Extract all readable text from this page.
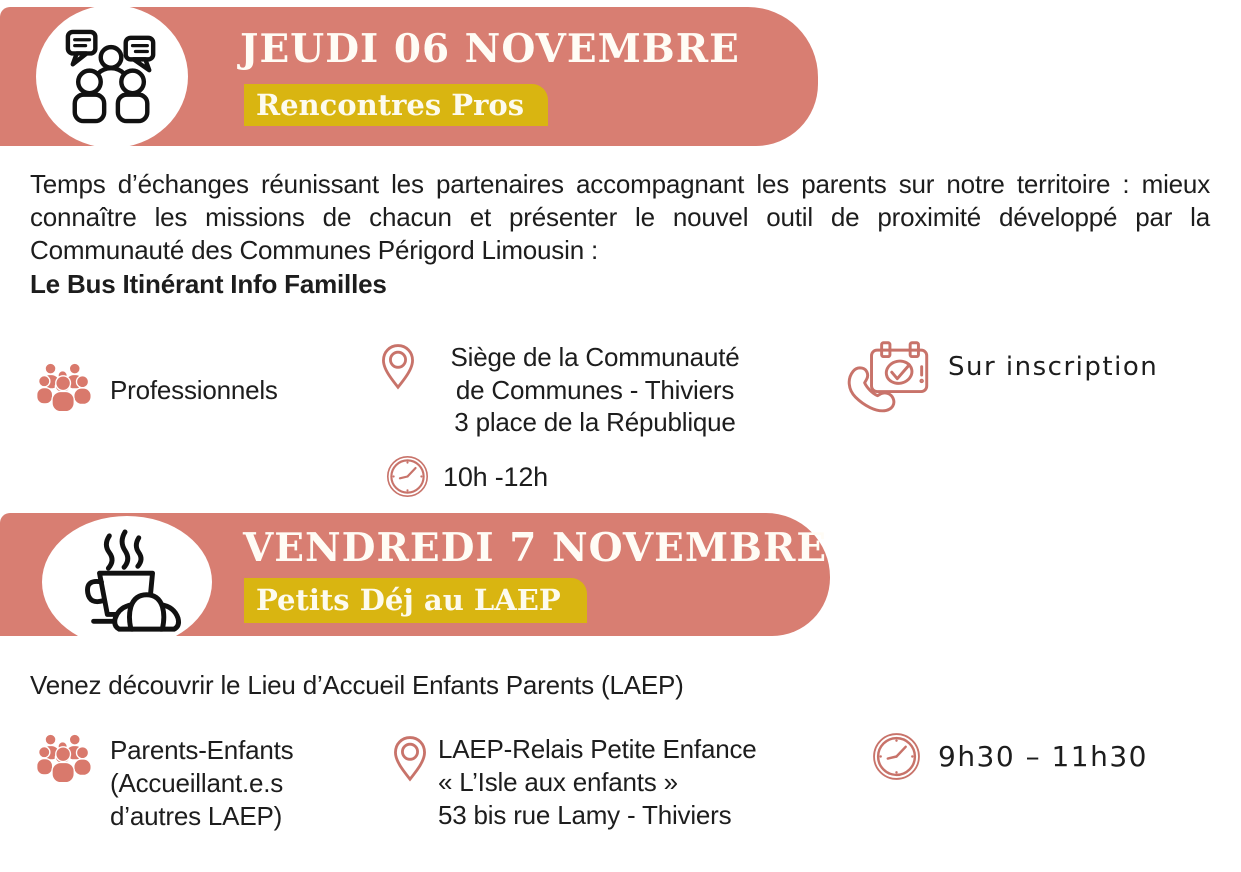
JEUDI 06 NOVEMBRE
Rencontres Pros
Temps d’échanges réunissant les partenaires accompagnant les parents sur notre territoire : mieux connaître les missions de chacun et présenter le nouvel outil de proximité développé par la Communauté des Communes Périgord Limousin :
Le Bus Itinérant Info Familles
Professionnels
Siège de la Communauté
de Communes - Thiviers
3 place de la République
Sur inscription
10h -12h
VENDREDI 7 NOVEMBRE
Petits Déj au LAEP
Venez découvrir le Lieu d’Accueil Enfants Parents (LAEP)
Parents-Enfants
(Accueillant.e.s
d’autres LAEP)
LAEP-Relais Petite Enfance
« L’Isle aux enfants »
53 bis rue Lamy - Thiviers
9h30 – 11h30
